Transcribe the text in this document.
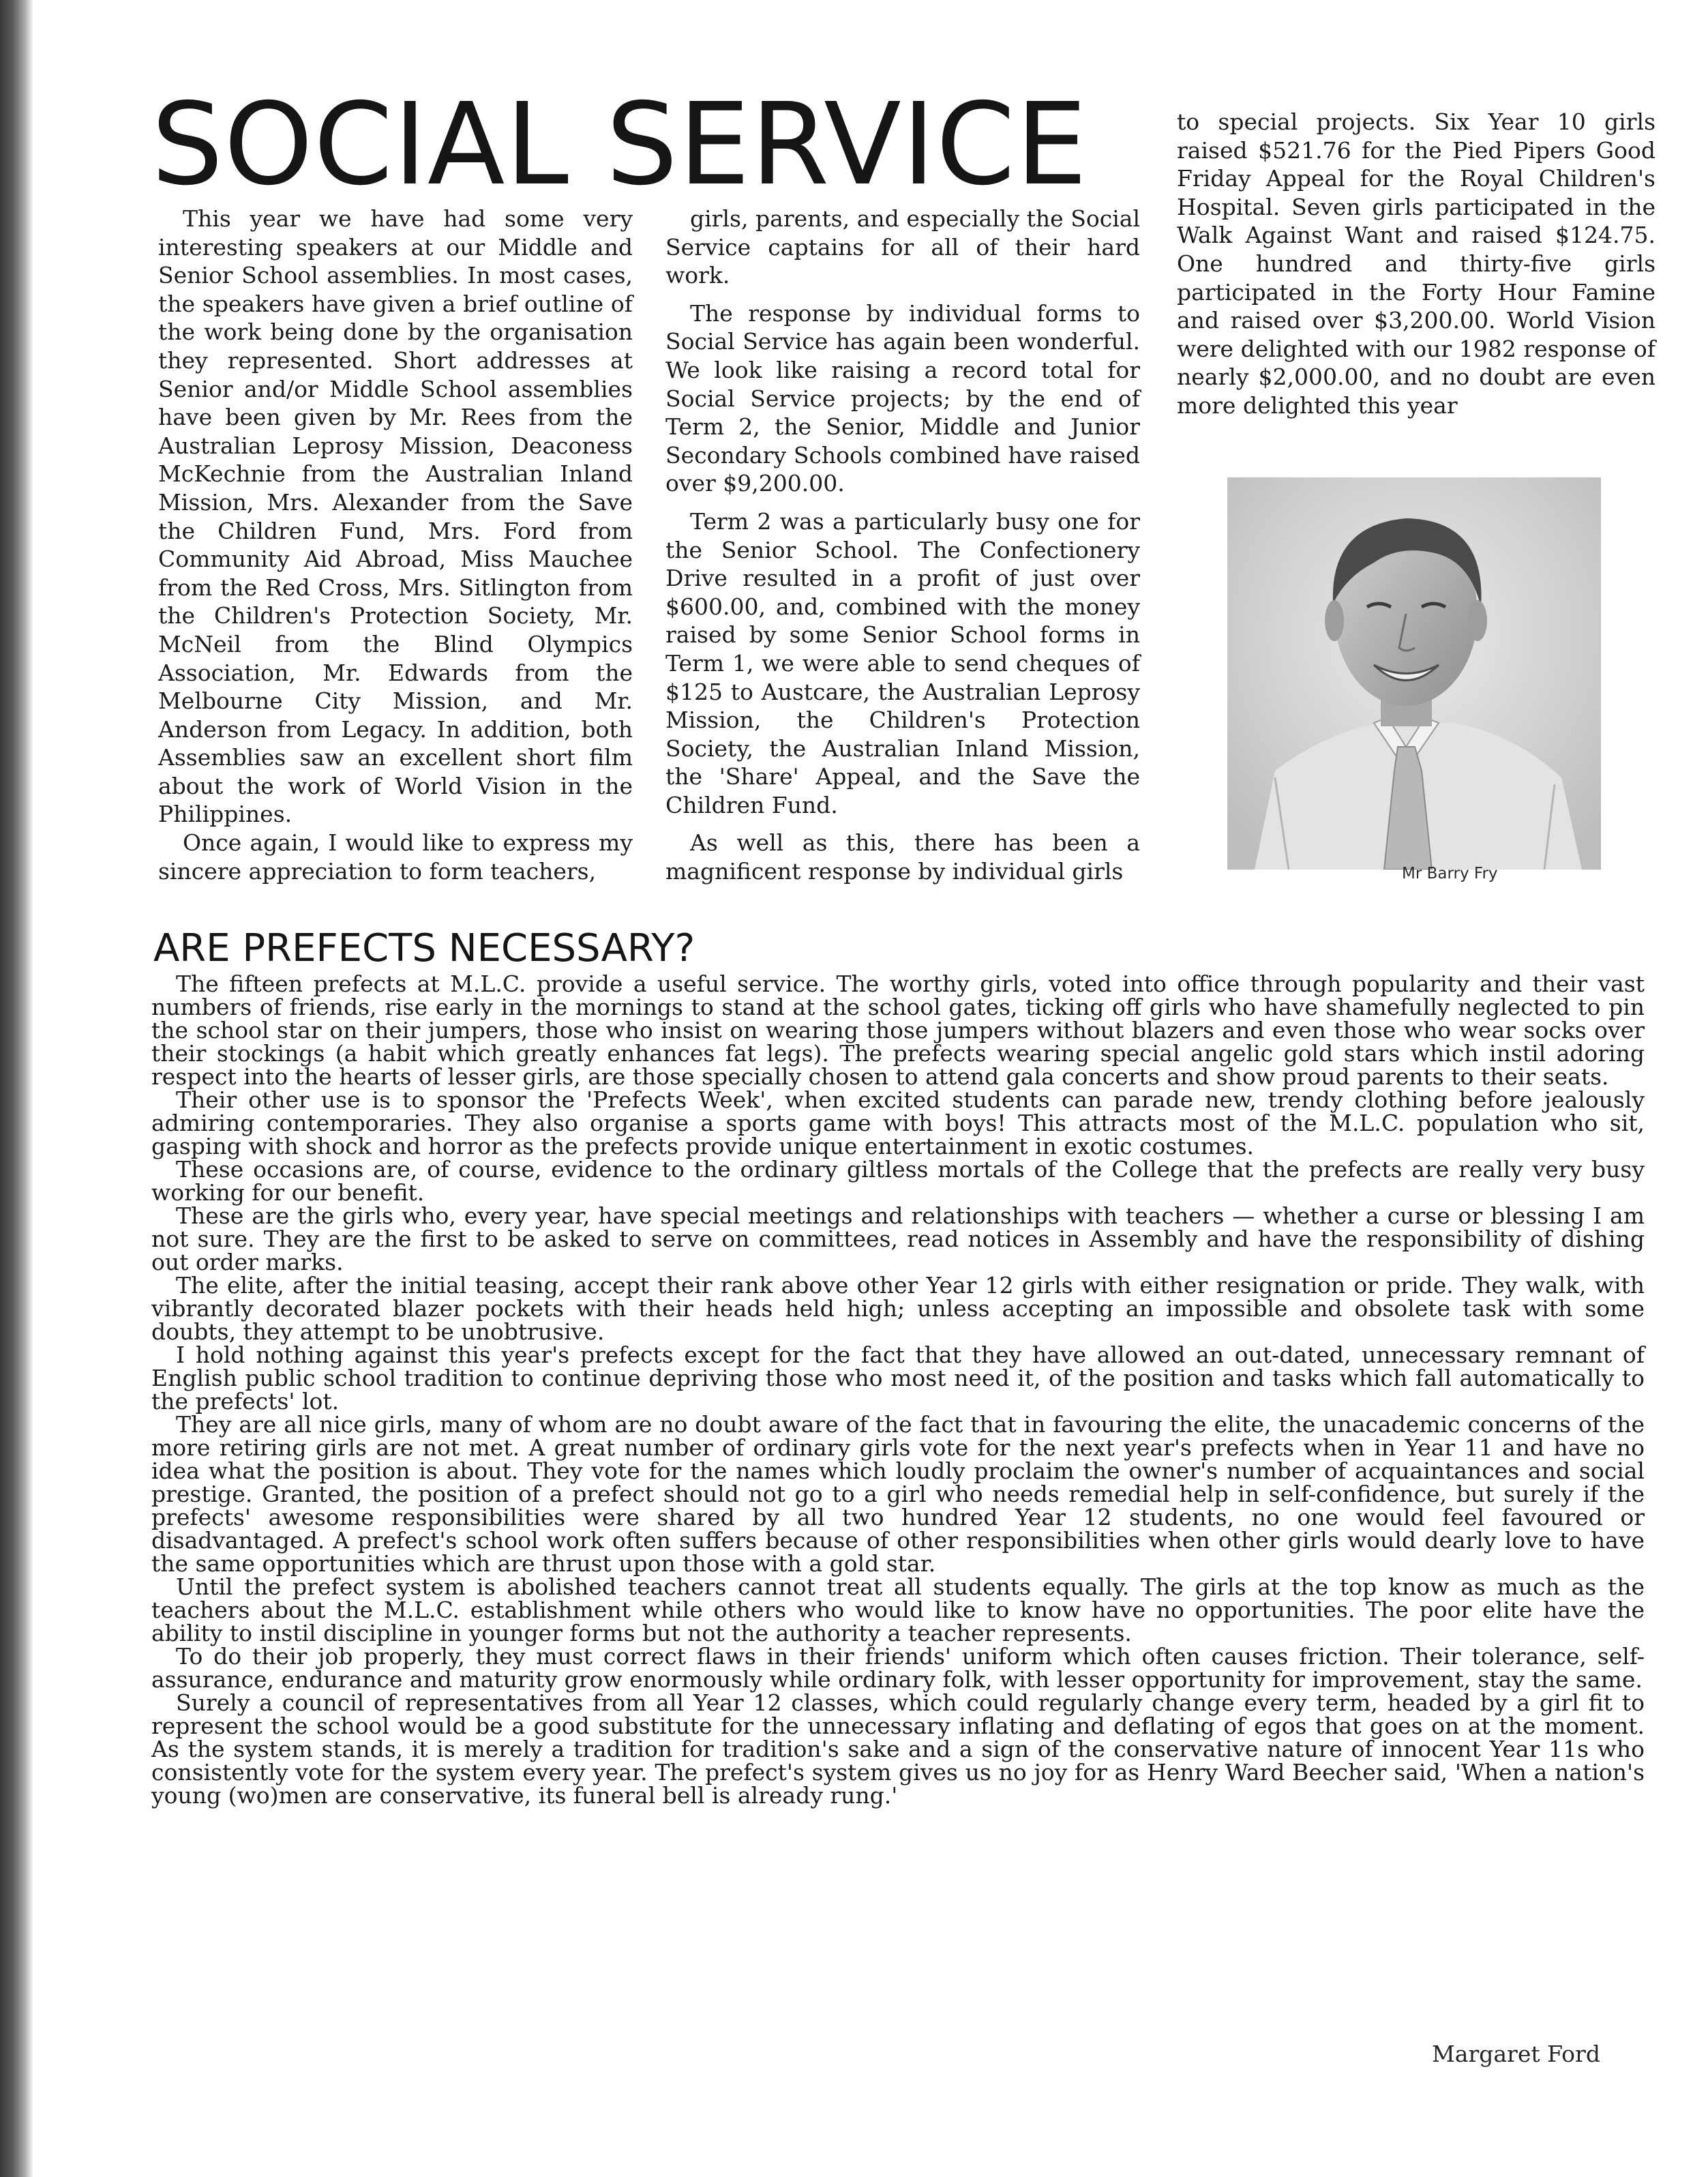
SOCIAL SERVICE

This year we have had some very interesting speakers at our Middle and Senior School assemblies. In most cases, the speakers have given a brief outline of the work being done by the organisation they represented. Short addresses at Senior and/or Middle School assemblies have been given by Mr. Rees from the Australian Leprosy Mission, Deaconess McKechnie from the Australian Inland Mission, Mrs. Alexander from the Save the Children Fund, Mrs. Ford from Community Aid Abroad, Miss Mauchee from the Red Cross, Mrs. Sitlington from the Children's Protection Society, Mr. McNeil from the Blind Olympics Association, Mr. Edwards from the Melbourne City Mission, and Mr. Anderson from Legacy. In addition, both Assemblies saw an excellent short film about the work of World Vision in the Philippines.

Once again, I would like to express my sincere appreciation to form teachers,

girls, parents, and especially the Social Service captains for all of their hard work.

The response by individual forms to Social Service has again been wonderful. We look like raising a record total for Social Service projects; by the end of Term 2, the Senior, Middle and Junior Secondary Schools combined have raised over $9,200.00.

Term 2 was a particularly busy one for the Senior School. The Confectionery Drive resulted in a profit of just over $600.00, and, combined with the money raised by some Senior School forms in Term 1, we were able to send cheques of $125 to Austcare, the Australian Leprosy Mission, the Children's Protection Society, the Australian Inland Mission, the 'Share' Appeal, and the Save the Children Fund.

As well as this, there has been a magnificent response by individual girls

to special projects. Six Year 10 girls raised $521.76 for the Pied Pipers Good Friday Appeal for the Royal Children's Hospital. Seven girls participated in the Walk Against Want and raised $124.75. One hundred and thirty-five girls participated in the Forty Hour Famine and raised over $3,200.00. World Vision were delighted with our 1982 response of nearly $2,000.00, and no doubt are even more delighted this year

Mr Barry Fry

ARE PREFECTS NECESSARY?

The fifteen prefects at M.L.C. provide a useful service. The worthy girls, voted into office through popularity and their vast numbers of friends, rise early in the mornings to stand at the school gates, ticking off girls who have shamefully neglected to pin the school star on their jumpers, those who insist on wearing those jumpers without blazers and even those who wear socks over their stockings (a habit which greatly enhances fat legs). The prefects wearing special angelic gold stars which instil adoring respect into the hearts of lesser girls, are those specially chosen to attend gala concerts and show proud parents to their seats.

Their other use is to sponsor the 'Prefects Week', when excited students can parade new, trendy clothing before jealously admiring contemporaries. They also organise a sports game with boys! This attracts most of the M.L.C. population who sit, gasping with shock and horror as the prefects provide unique entertainment in exotic costumes.

These occasions are, of course, evidence to the ordinary giltless mortals of the College that the prefects are really very busy working for our benefit.

These are the girls who, every year, have special meetings and relationships with teachers — whether a curse or blessing I am not sure. They are the first to be asked to serve on committees, read notices in Assembly and have the responsibility of dishing out order marks.

The elite, after the initial teasing, accept their rank above other Year 12 girls with either resignation or pride. They walk, with vibrantly decorated blazer pockets with their heads held high; unless accepting an impossible and obsolete task with some doubts, they attempt to be unobtrusive.

I hold nothing against this year's prefects except for the fact that they have allowed an out-dated, unnecessary remnant of English public school tradition to continue depriving those who most need it, of the position and tasks which fall automatically to the prefects' lot.

They are all nice girls, many of whom are no doubt aware of the fact that in favouring the elite, the unacademic concerns of the more retiring girls are not met. A great number of ordinary girls vote for the next year's prefects when in Year 11 and have no idea what the position is about. They vote for the names which loudly proclaim the owner's number of acquaintances and social prestige. Granted, the position of a prefect should not go to a girl who needs remedial help in self-confidence, but surely if the prefects' awesome responsibilities were shared by all two hundred Year 12 students, no one would feel favoured or disadvantaged. A prefect's school work often suffers because of other responsibilities when other girls would dearly love to have the same opportunities which are thrust upon those with a gold star.

Until the prefect system is abolished teachers cannot treat all students equally. The girls at the top know as much as the teachers about the M.L.C. establishment while others who would like to know have no opportunities. The poor elite have the ability to instil discipline in younger forms but not the authority a teacher represents.

To do their job properly, they must correct flaws in their friends' uniform which often causes friction. Their tolerance, self-assurance, endurance and maturity grow enormously while ordinary folk, with lesser opportunity for improvement, stay the same.

Surely a council of representatives from all Year 12 classes, which could regularly change every term, headed by a girl fit to represent the school would be a good substitute for the unnecessary inflating and deflating of egos that goes on at the moment. As the system stands, it is merely a tradition for tradition's sake and a sign of the conservative nature of innocent Year 11s who consistently vote for the system every year. The prefect's system gives us no joy for as Henry Ward Beecher said, 'When a nation's young (wo)men are conservative, its funeral bell is already rung.'

Margaret Ford
